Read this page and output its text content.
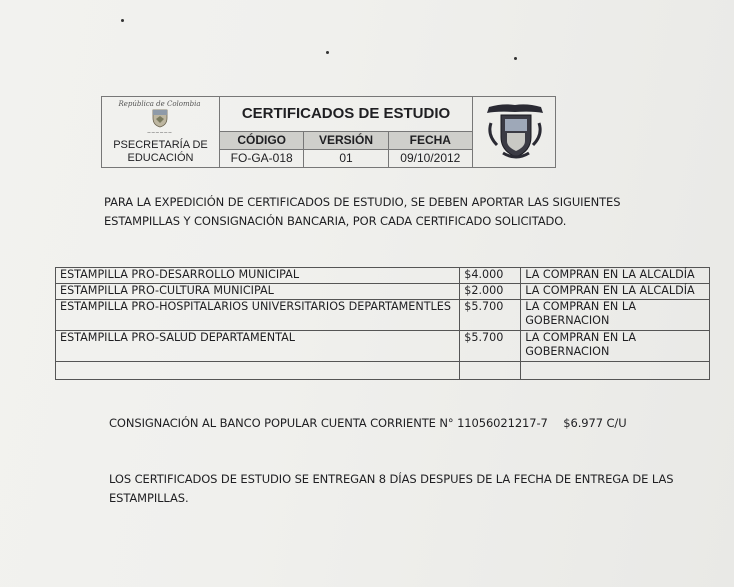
República de Colombia
~~~~~~
PSECRETARÍA DE
EDUCACIÓN
CERTIFICADOS DE ESTUDIO
CÓDIGO	VERSIÓN	FECHA
FO-GA-018	01	09/10/2012
PARA LA EXPEDICIÓN DE CERTIFICADOS DE ESTUDIO, SE DEBEN APORTAR LAS SIGUIENTES
ESTAMPILLAS Y CONSIGNACIÓN BANCARIA, POR CADA CERTIFICADO SOLICITADO.
ESTAMPILLA PRO-DESARROLLO MUNICIPAL	$4.000	LA COMPRAN EN LA ALCALDÍA
ESTAMPILLA PRO-CULTURA MUNICIPAL	$2.000	LA COMPRAN EN LA ALCALDÍA
ESTAMPILLA PRO-HOSPITALARIOS UNIVERSITARIOS DEPARTAMENTLES	$5.700	LA COMPRAN EN LA
GOBERNACION

ESTAMPILLA PRO-SALUD DEPARTAMENTAL	$5.700	LA COMPRAN EN LA
GOBERNACION

CONSIGNACIÓN AL BANCO POPULAR CUENTA CORRIENTE N° 11056021217-7 $6.977 C/U
LOS CERTIFICADOS DE ESTUDIO SE ENTREGAN 8 DÍAS DESPUES DE LA FECHA DE ENTREGA DE LAS
ESTAMPILLAS.
